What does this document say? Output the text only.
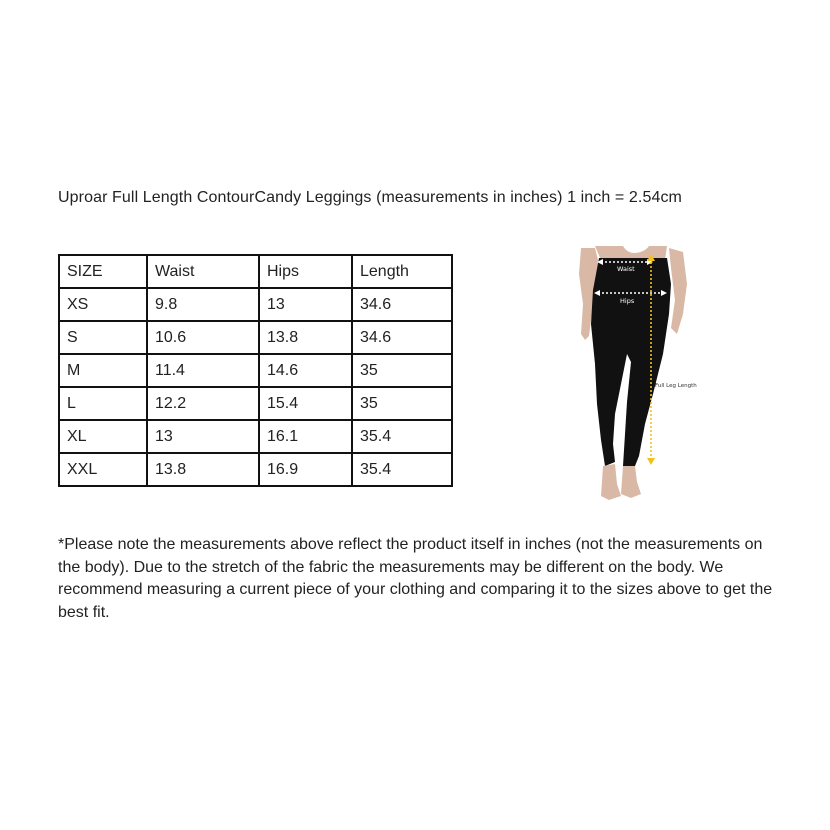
Uproar Full Length ContourCandy Leggings (measurements in inches) 1 inch = 2.54cm
SIZE	Waist	Hips	Length
XS	9.8	13	34.6
S	10.6	13.8	34.6
M	11.4	14.6	35
L	12.2	15.4	35
XL	13	16.1	35.4
XXL	13.8	16.9	35.4
Waist
Hips
Full Leg Length
*Please note the measurements above reflect the product itself in inches (not the measurements on the body). Due to the stretch of the fabric the measurements may be different on the body. We recommend measuring a current piece of your clothing and comparing it to the sizes above to get the best fit.
